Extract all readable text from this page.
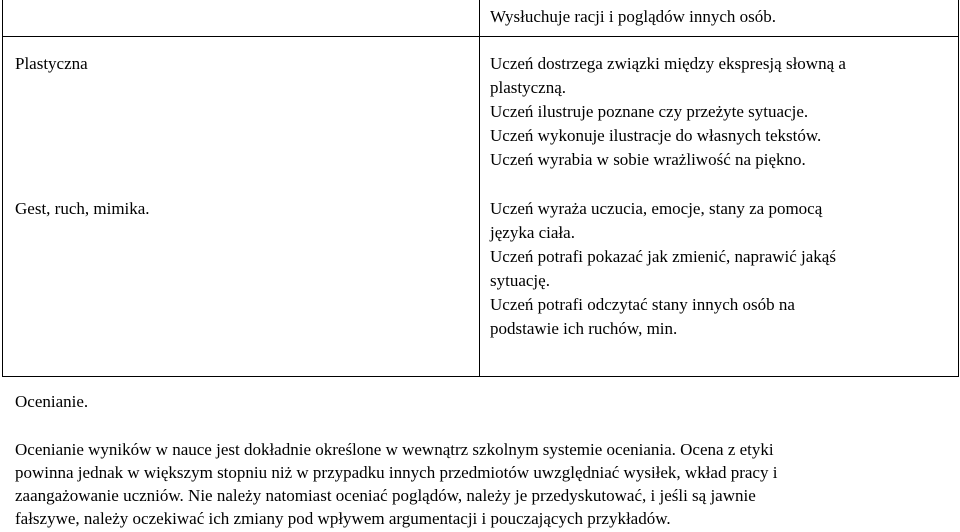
Wysłuchuje racji i poglądów innych osób.
Plastyczna	Uczeń dostrzega związki między ekspresją słowną a
plastyczną.
Uczeń ilustruje poznane czy przeżyte sytuacje.
Uczeń wykonuje ilustracje do własnych tekstów.
Uczeń wyrabia w sobie wrażliwość na piękno.
Gest, ruch, mimika.	Uczeń wyraża uczucia, emocje, stany za pomocą
języka ciała.
Uczeń potrafi pokazać jak zmienić, naprawić jakąś
sytuację.
Uczeń potrafi odczytać stany innych osób na
podstawie ich ruchów, min.
Ocenianie.
Ocenianie wyników w nauce jest dokładnie określone w wewnątrz szkolnym systemie oceniania. Ocena z etyki
powinna jednak w większym stopniu niż w przypadku innych przedmiotów uwzględniać wysiłek, wkład pracy i
zaangażowanie uczniów. Nie należy natomiast oceniać poglądów, należy je przedyskutować, i jeśli są jawnie
fałszywe, należy oczekiwać ich zmiany pod wpływem argumentacji i pouczających przykładów.
